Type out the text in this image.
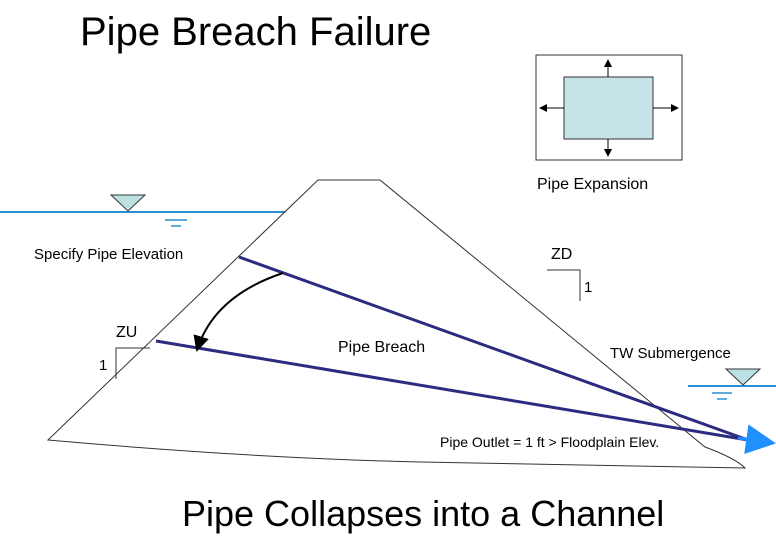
Pipe Breach Failure
Pipe Expansion
Specify Pipe Elevation
Pipe Breach
ZD
1
ZU
1
TW Submergence
Pipe Outlet = 1 ft > Floodplain Elev.
Pipe Collapses into a Channel
